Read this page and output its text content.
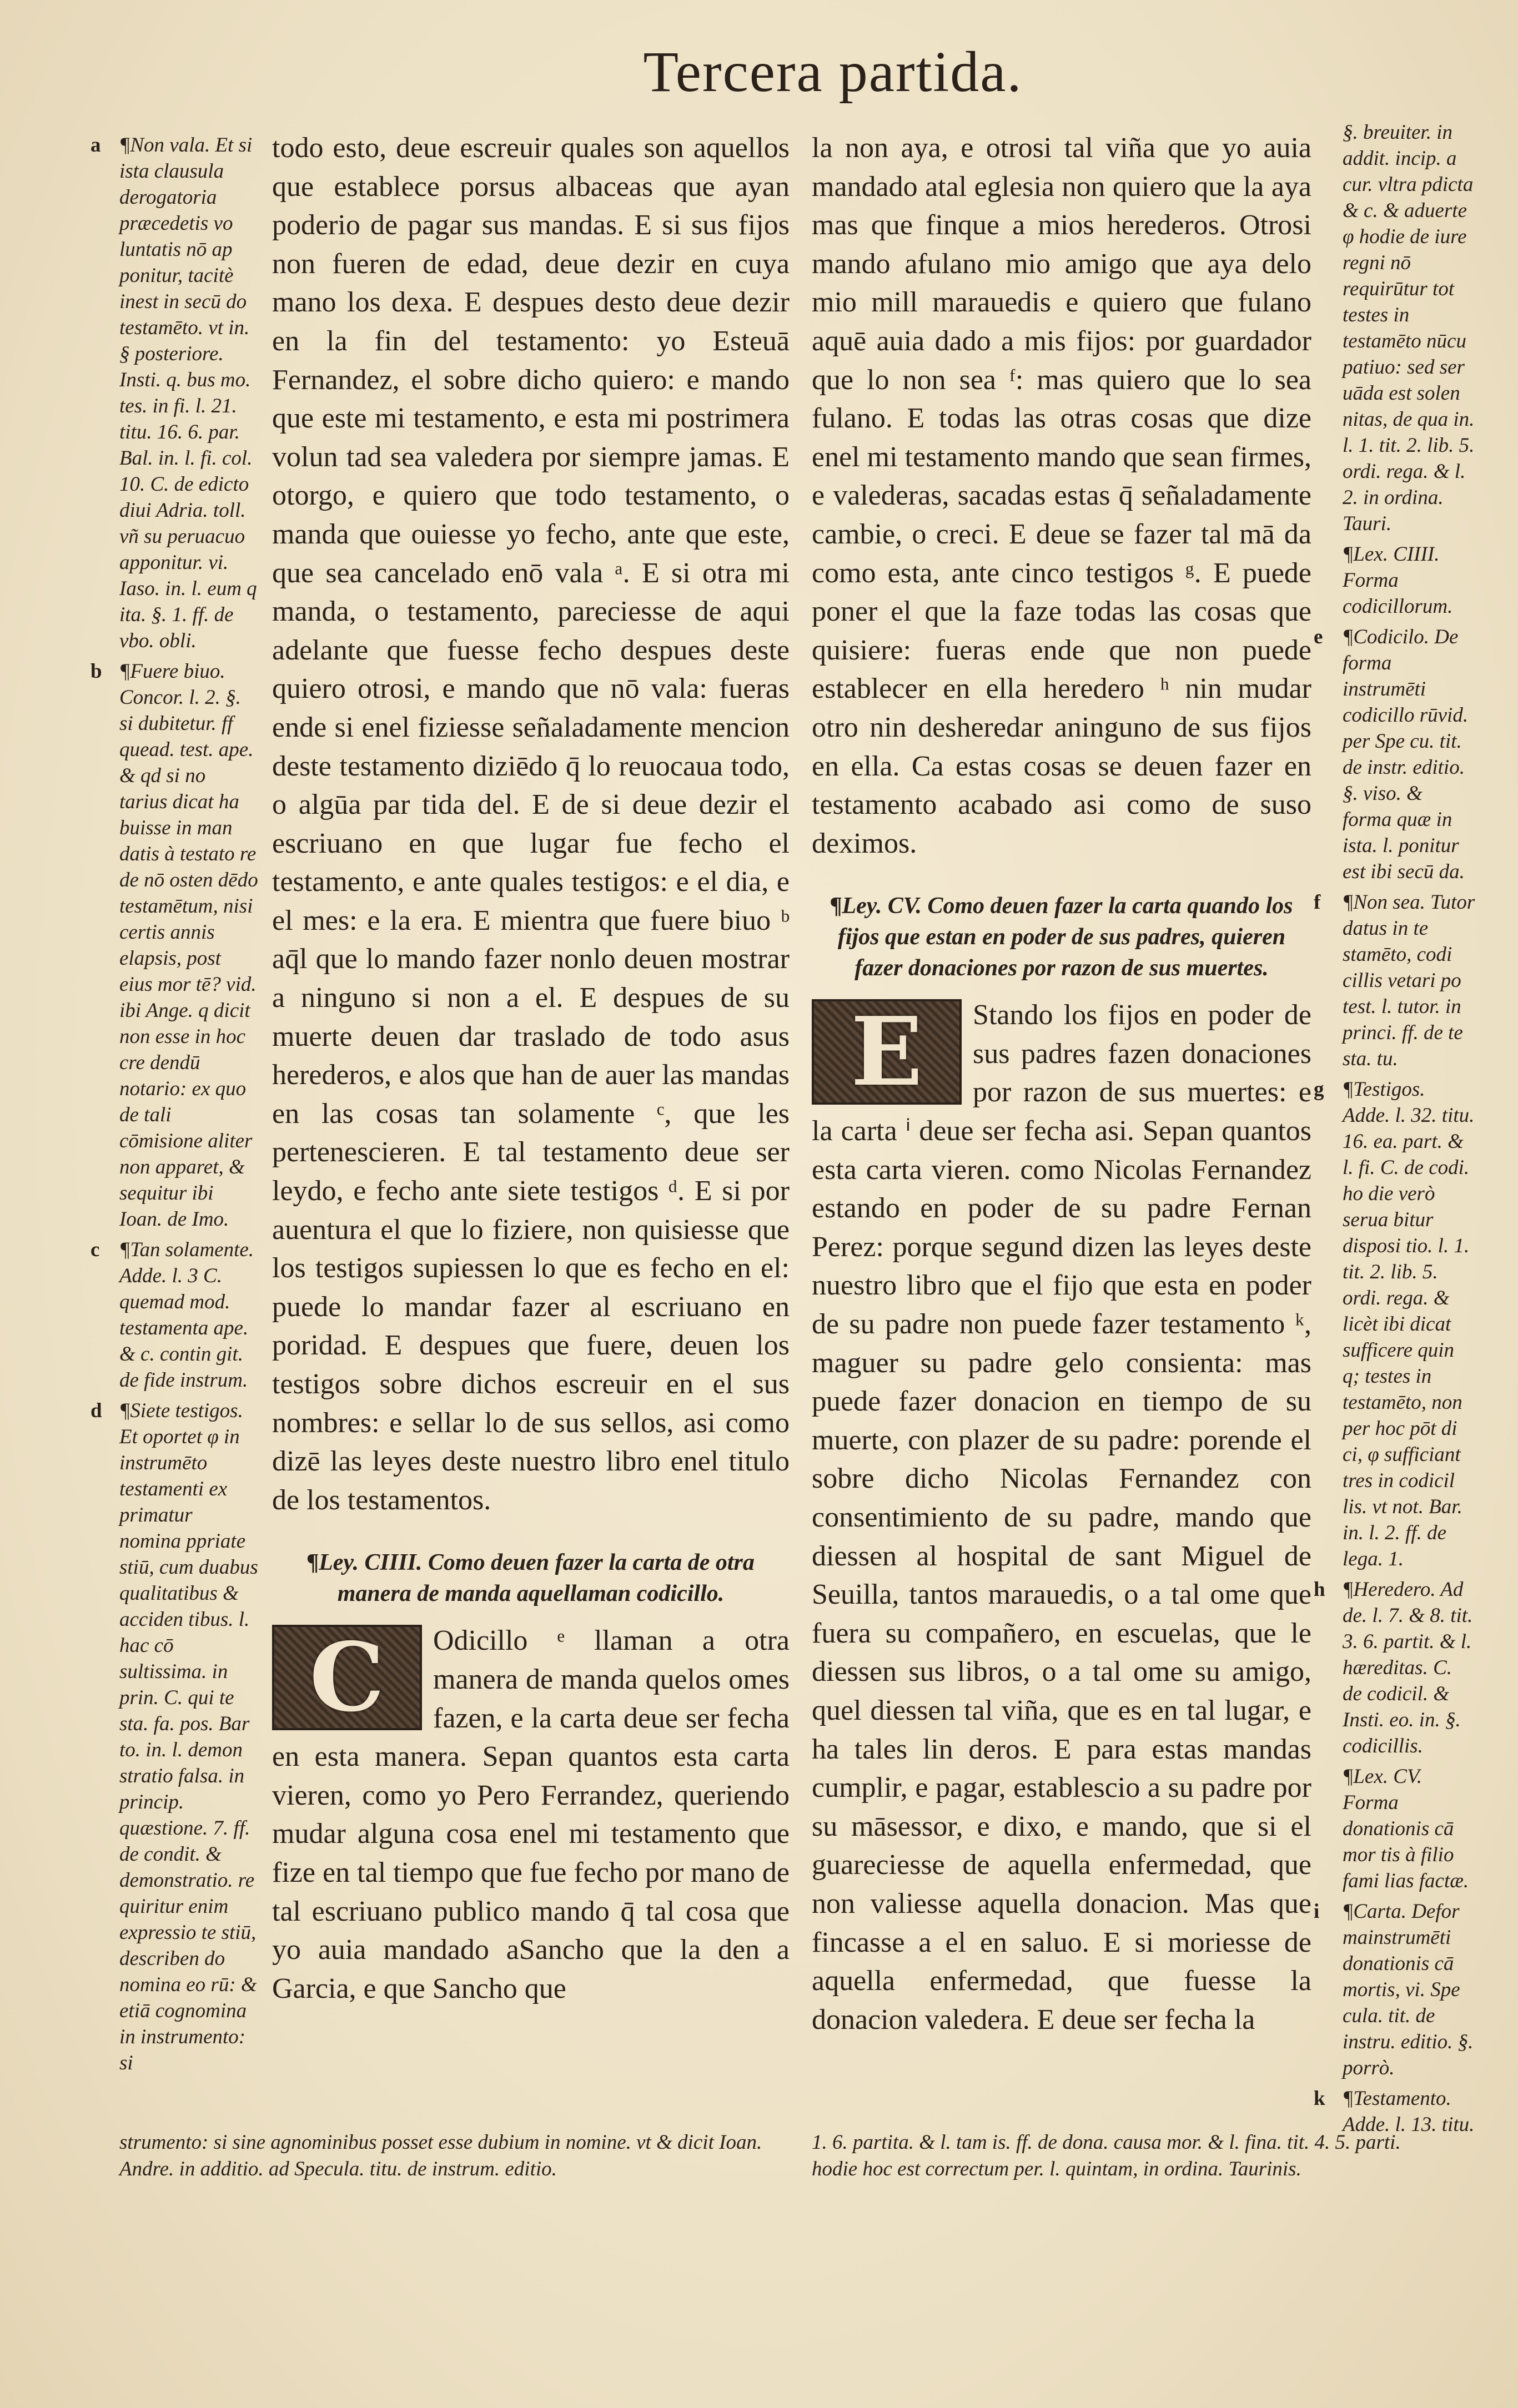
Tercera partida.
a ¶Non vala. Et si ista clausula derogatoria præcedetis vo luntatis nō ap ponitur, tacitè inest in secū do testamēto. vt in. § posteriore. Insti. q. bus mo. tes. in fi. l. 21. titu. 16. 6. par. Bal. in. l. fi. col. 10. C. de edicto diui Adria. toll. vñ su peruacuo apponitur. vi. Iaso. in. l. eum q ita. §. 1. ff. de vbo. obli.
b ¶Fuere biuo. Concor. l. 2. §. si dubitetur. ff quead. test. ape. & qd si no tarius dicat ha buisse in man datis à testato re de nō osten dēdo testamētum, nisi certis annis elapsis, post eius mor tē? vid. ibi Ange. q dicit non esse in hoc cre dendū notario: ex quo de tali cōmisione aliter non apparet, & sequitur ibi Ioan. de Imo.
c ¶Tan solamente. Adde. l. 3 C. quemad mod. testamenta ape. & c. contin git. de fide instrum.
d ¶Siete testigos. Et oportet φ in instrumēto testamenti ex primatur nomina ppriate stiū, cum duabus qualitatibus & acciden tibus. l. hac cō sultissima. in prin. C. qui te sta. fa. pos. Bar to. in. l. demon stratio falsa. in princip. quæstione. 7. ff. de condit. & demonstratio. re quiritur enim expressio te stiū, describen do nomina eo rū: & etiā cognomina in instrumento: si

todo esto, deue escreuir quales son aquellos que establece porsus albaceas que ayan poderio de pagar sus mandas. E si sus fijos non fueren de edad, deue dezir en cuya mano los dexa. E despues desto deue dezir en la fin del testamento: yo Esteuā Fernandez, el sobre dicho quiero: e mando que este mi testamento, e esta mi postrimera volun tad sea valedera por siempre jamas. E otorgo, e quiero que todo testamento, o manda que ouiesse yo fecho, ante que este, que sea cancelado enō vala ᵃ. E si otra mi manda, o testamento, pareciesse de aqui adelante que fuesse fecho despues deste quiero otrosi, e mando que nō vala: fueras ende si enel fiziesse señaladamente mencion deste testamento diziēdo q̄ lo reuocaua todo, o algūa par tida del. E de si deue dezir el escriuano en que lugar fue fecho el testamento, e ante quales testigos: e el dia, e el mes: e la era. E mientra que fuere biuo ᵇ aq̄l que lo mando fazer nonlo deuen mostrar a ninguno si non a el. E despues de su muerte deuen dar traslado de todo asus herederos, e alos que han de auer las mandas en las cosas tan solamente ᶜ, que les pertenescieren. E tal testamento deue ser leydo, e fecho ante siete testigos ᵈ. E si por auentura el que lo fiziere, non quisiesse que los testigos supiessen lo que es fecho en el: puede lo mandar fazer al escriuano en poridad. E despues que fuere, deuen los testigos sobre dichos escreuir en el sus nombres: e sellar lo de sus sellos, asi como dizē las leyes deste nuestro libro enel titulo de los testamentos.

¶Ley. CIIII. Como deuen fazer la carta de otra manera de manda aquellaman codicillo.
C	Odicillo ᵉ llaman a otra manera de manda quelos omes fazen, e la carta deue ser fecha en esta manera. Sepan quantos esta carta vieren, como yo Pero Ferrandez, queriendo mudar alguna cosa enel mi testamento que fize en tal tiempo que fue fecho por mano de tal escriuano publico mando q̄ tal cosa que yo auia mandado aSancho que la den a Garcia, e que Sancho que

la non aya, e otrosi tal viña que yo auia mandado atal eglesia non quiero que la aya mas que finque a mios herederos. Otrosi mando afulano mio amigo que aya delo mio mill marauedis e quiero que fulano aquē auia dado a mis fijos: por guardador que lo non sea ᶠ: mas quiero que lo sea fulano. E todas las otras cosas que dize enel mi testamento mando que sean firmes, e valederas, sacadas estas q̄ señaladamente cambie, o creci. E deue se fazer tal mā da como esta, ante cinco testigos ᵍ. E puede poner el que la faze todas las cosas que quisiere: fueras ende que non puede establecer en ella heredero ʰ nin mudar otro nin desheredar aninguno de sus fijos en ella. Ca estas cosas se deuen fazer en testamento acabado asi como de suso deximos.

¶Ley. CV. Como deuen fazer la carta quando los fijos que estan en poder de sus padres, quieren fazer donaciones por razon de sus muertes.
E	Stando los fijos en poder de sus padres fazen donaciones por razon de sus muertes: e la carta ⁱ deue ser fecha asi. Sepan quantos esta carta vieren. como Nicolas Fernandez estando en poder de su padre Fernan Perez: porque segund dizen las leyes deste nuestro libro que el fijo que esta en poder de su padre non puede fazer testamento ᵏ, maguer su padre gelo consienta: mas puede fazer donacion en tiempo de su muerte, con plazer de su padre: porende el sobre dicho Nicolas Fernandez con consentimiento de su padre, mando que diessen al hospital de sant Miguel de Seuilla, tantos marauedis, o a tal ome que fuera su compañero, en escuelas, que le diessen sus libros, o a tal ome su amigo, quel diessen tal viña, que es en tal lugar, e ha tales lin deros. E para estas mandas cumplir, e pagar, establescio a su padre por su māsessor, e dixo, e mando, que si el guareciesse de aquella enfermedad, que non valiesse aquella donacion. Mas que fincasse a el en saluo. E si moriesse de aquella enfermedad, que fuesse la donacion valedera. E deue ser fecha la

§. breuiter. in addit. incip. a cur. vltra pdicta & c. & aduerte φ hodie de iure regni nō requirūtur tot testes in testamēto nūcu patiuo: sed ser uāda est solen nitas, de qua in. l. 1. tit. 2. lib. 5. ordi. rega. & l. 2. in ordina. Tauri.
¶Lex. CIIII. Forma codicillorum.
e ¶Codicilo. De forma instrumēti codicillo rūvid. per Spe cu. tit. de instr. editio. §. viso. & forma quæ in ista. l. ponitur est ibi secū da.
f ¶Non sea. Tutor datus in te stamēto, codi cillis vetari po test. l. tutor. in princi. ff. de te sta. tu.
g ¶Testigos. Adde. l. 32. titu. 16. ea. part. & l. fi. C. de codi. ho die verò serua bitur disposi tio. l. 1. tit. 2. lib. 5. ordi. rega. & licèt ibi dicat sufficere quin q; testes in testamēto, non per hoc pōt di ci, φ sufficiant tres in codicil lis. vt not. Bar. in. l. 2. ff. de lega. 1.
h ¶Heredero. Ad de. l. 7. & 8. tit. 3. 6. partit. & l. hæreditas. C. de codicil. & Insti. eo. in. §. codicillis.
¶Lex. CV. Forma donationis cā mor tis à filio fami lias factæ.
i ¶Carta. Defor mainstrumēti donationis cā mortis, vi. Spe cula. tit. de instru. editio. §. porrò.
k ¶Testamento. Adde. l. 13. titu.
strumento: si sine agnominibus posset esse dubium in nomine. vt & dicit Ioan. Andre. in additio. ad Specula. titu. de instrum. editio.
1. 6. partita. & l. tam is. ff. de dona. causa mor. & l. fina. tit. 4. 5. parti. hodie hoc est correctum per. l. quintam, in ordina. Taurinis.
